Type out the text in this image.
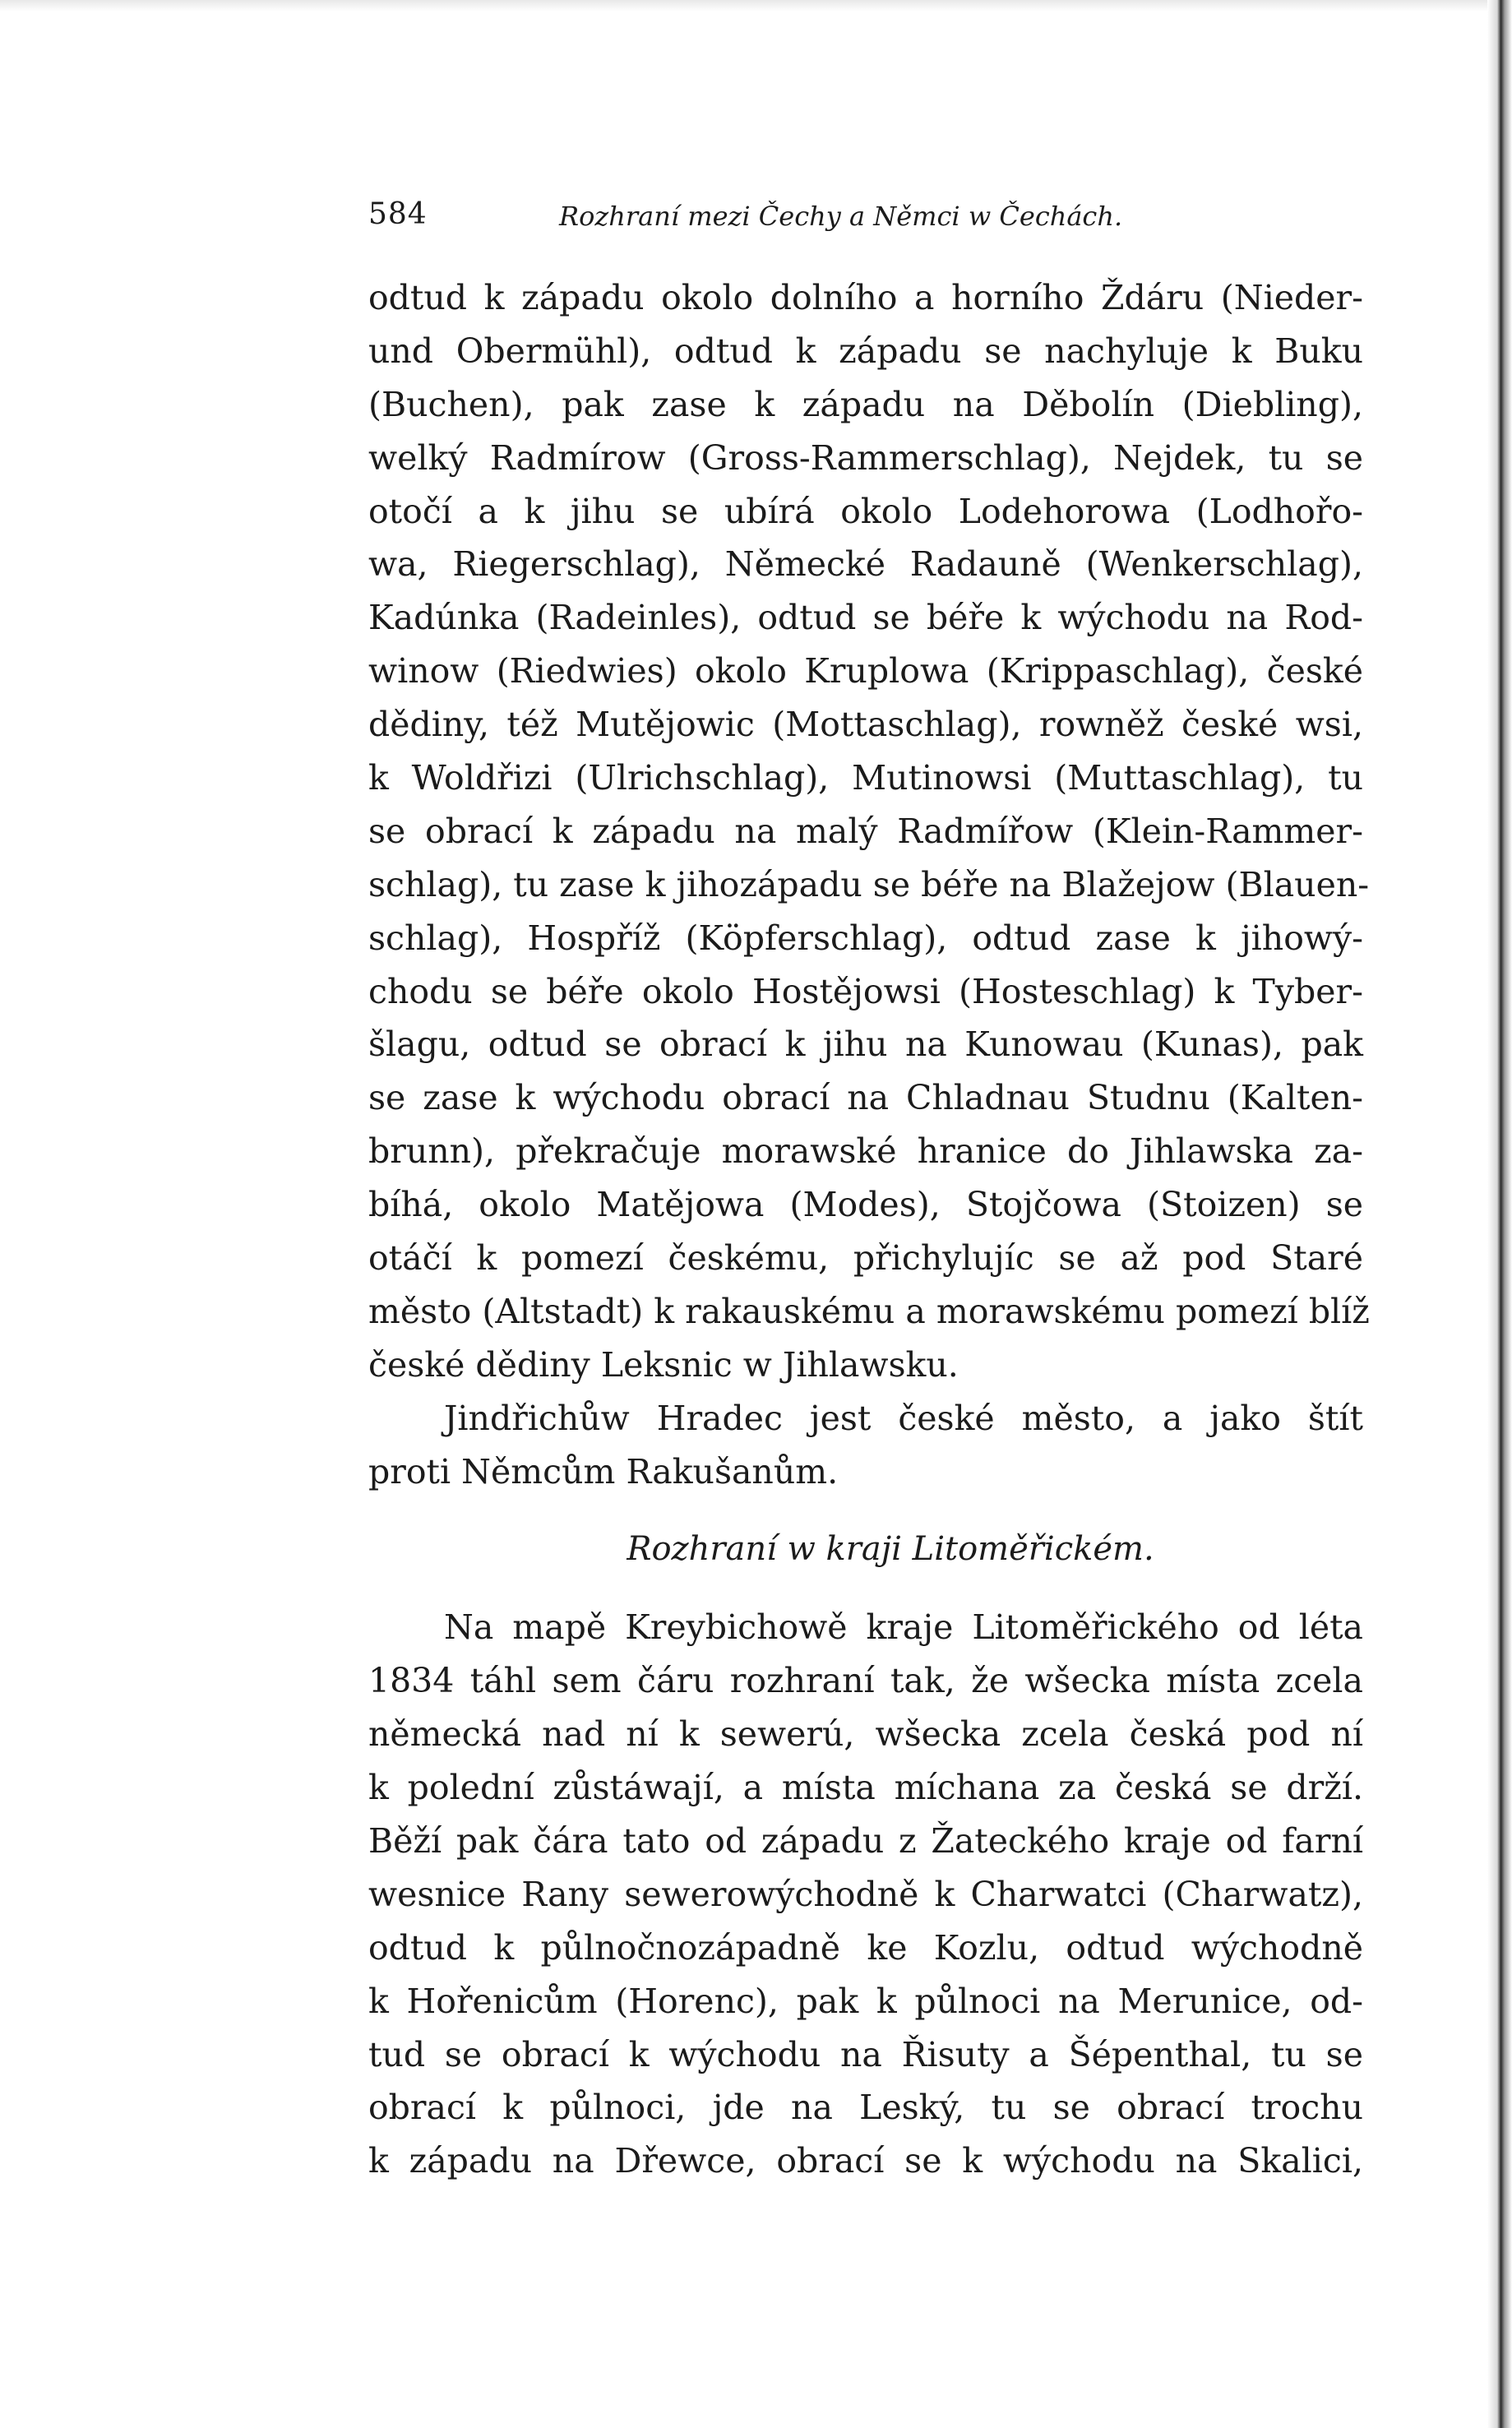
584	Rozhraní mezi Čechy a Němci w Čechách.
odtud k západu okolo dolního a horního Ždáru (Nieder-
und Obermühl), odtud k západu se nachyluje k Buku
(Buchen), pak zase k západu na Děbolín (Diebling),
welký Radmírow (Gross-Rammerschlag), Nejdek, tu se
otočí a k jihu se ubírá okolo Lodehorowa (Lodhořo-
wa, Riegerschlag), Německé Radauně (Wenkerschlag),
Kadúnka (Radeinles), odtud se béře k wýchodu na Rod-
winow (Riedwies) okolo Kruplowa (Krippaschlag), české
dědiny, též Mutějowic (Mottaschlag), rowněž české wsi,
k Woldřizi (Ulrichschlag), Mutinowsi (Muttaschlag), tu
se obrací k západu na malý Radmířow (Klein-Rammer-
schlag), tu zase k jihozápadu se béře na Blažejow (Blauen-
schlag), Hospříž (Köpferschlag), odtud zase k jihowý-
chodu se béře okolo Hostějowsi (Hosteschlag) k Tyber-
šlagu, odtud se obrací k jihu na Kunowau (Kunas), pak
se zase k wýchodu obrací na Chladnau Studnu (Kalten-
brunn), překračuje morawské hranice do Jihlawska za-
bíhá, okolo Matějowa (Modes), Stojčowa (Stoizen) se
otáčí k pomezí českému, přichylujíc se až pod Staré
město (Altstadt) k rakauskému a morawskému pomezí blíž
české dědiny Leksnic w Jihlawsku.
Jindřichůw Hradec jest české město, a jako štít
proti Němcům Rakušanům.
Rozhraní w kraji Litoměřickém.
Na mapě Kreybichowě kraje Litoměřického od léta
1834 táhl sem čáru rozhraní tak, že wšecka místa zcela
německá nad ní k sewerú, wšecka zcela česká pod ní
k polední zůstáwají, a místa míchana za česká se drží.
Běží pak čára tato od západu z Žateckého kraje od farní
wesnice Rany sewerowýchodně k Charwatci (Charwatz),
odtud k půlnočnozápadně ke Kozlu, odtud wýchodně
k Hořenicům (Horenc), pak k půlnoci na Merunice, od-
tud se obrací k wýchodu na Řisuty a Šépenthal, tu se
obrací k půlnoci, jde na Leský, tu se obrací trochu
k západu na Dřewce, obrací se k wýchodu na Skalici,
